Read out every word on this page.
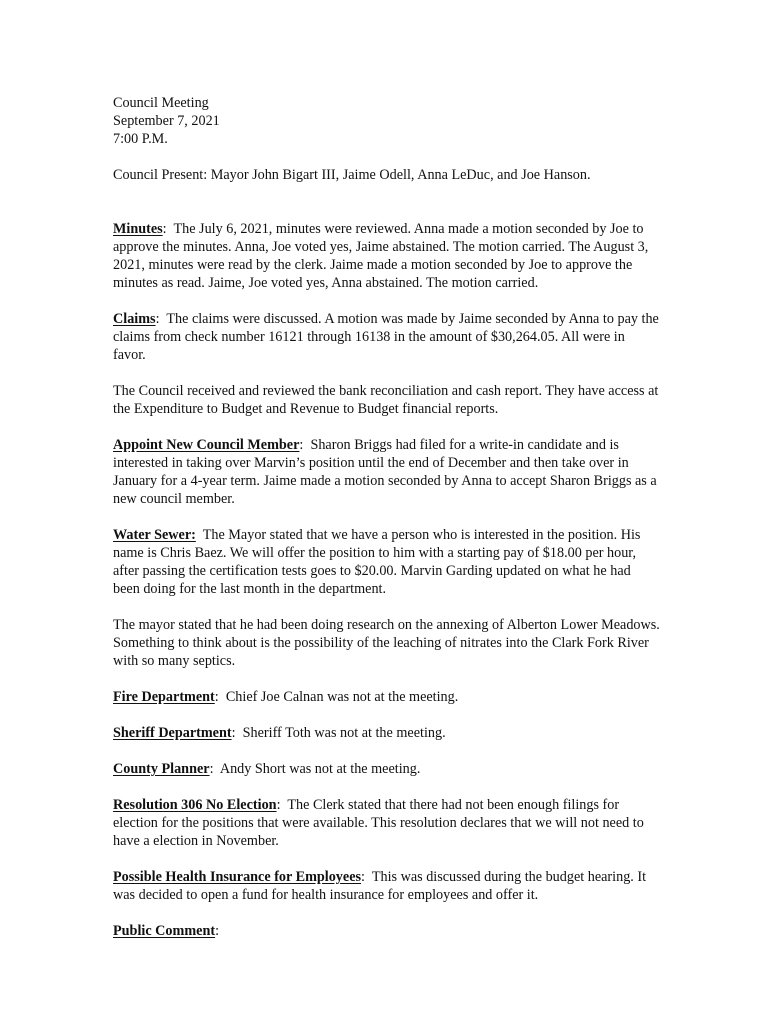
Council Meeting
September 7, 2021
7:00 P.M.

Council Present: Mayor John Bigart III, Jaime Odell, Anna LeDuc, and Joe Hanson.

Minutes:  The July 6, 2021, minutes were reviewed. Anna made a motion seconded by Joe to approve the minutes. Anna, Joe voted yes, Jaime abstained. The motion carried. The August 3, 2021, minutes were read by the clerk. Jaime made a motion seconded by Joe to approve the minutes as read. Jaime, Joe voted yes, Anna abstained. The motion carried.

Claims:  The claims were discussed. A motion was made by Jaime seconded by Anna to pay the claims from check number 16121 through 16138 in the amount of $30,264.05. All were in favor.

The Council received and reviewed the bank reconciliation and cash report. They have access at the Expenditure to Budget and Revenue to Budget financial reports.

Appoint New Council Member:  Sharon Briggs had filed for a write-in candidate and is interested in taking over Marvin’s position until the end of December and then take over in January for a 4-year term. Jaime made a motion seconded by Anna to accept Sharon Briggs as a new council member.

Water Sewer: The Mayor stated that we have a person who is interested in the position. His name is Chris Baez. We will offer the position to him with a starting pay of $18.00 per hour, after passing the certification tests goes to $20.00. Marvin Garding updated on what he had been doing for the last month in the department.

The mayor stated that he had been doing research on the annexing of Alberton Lower Meadows. Something to think about is the possibility of the leaching of nitrates into the Clark Fork River with so many septics.

Fire Department:  Chief Joe Calnan was not at the meeting.

Sheriff Department:  Sheriff Toth was not at the meeting.

County Planner:  Andy Short was not at the meeting.

Resolution 306 No Election:  The Clerk stated that there had not been enough filings for election for the positions that were available. This resolution declares that we will not need to have a election in November.

Possible Health Insurance for Employees:  This was discussed during the budget hearing. It was decided to open a fund for health insurance for employees and offer it.

Public Comment:
